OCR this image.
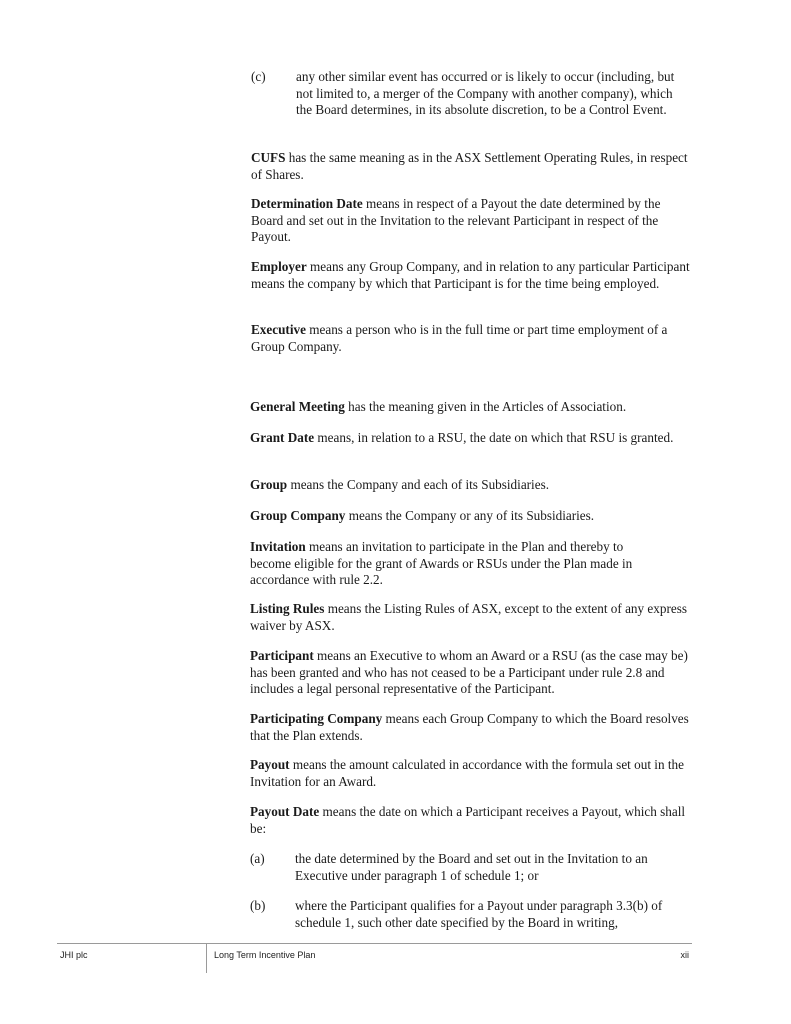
(c) any other similar event has occurred or is likely to occur (including, but not limited to, a merger of the Company with another company), which the Board determines, in its absolute discretion, to be a Control Event.

CUFS has the same meaning as in the ASX Settlement Operating Rules, in respect of Shares.

Determination Date means in respect of a Payout the date determined by the Board and set out in the Invitation to the relevant Participant in respect of the Payout.

Employer means any Group Company, and in relation to any particular Participant means the company by which that Participant is for the time being employed.

Executive means a person who is in the full time or part time employment of a Group Company.

General Meeting has the meaning given in the Articles of Association.

Grant Date means, in relation to a RSU, the date on which that RSU is granted.

Group means the Company and each of its Subsidiaries.

Group Company means the Company or any of its Subsidiaries.

Invitation means an invitation to participate in the Plan and thereby to become eligible for the grant of Awards or RSUs under the Plan made in accordance with rule 2.2.

Listing Rules means the Listing Rules of ASX, except to the extent of any express waiver by ASX.

Participant means an Executive to whom an Award or a RSU (as the case may be) has been granted and who has not ceased to be a Participant under rule 2.8 and includes a legal personal representative of the Participant.

Participating Company means each Group Company to which the Board resolves that the Plan extends.

Payout means the amount calculated in accordance with the formula set out in the Invitation for an Award.

Payout Date means the date on which a Participant receives a Payout, which shall be:

(a) the date determined by the Board and set out in the Invitation to an Executive under paragraph 1 of schedule 1; or
(b) where the Participant qualifies for a Payout under paragraph 3.3(b) of schedule 1, such other date specified by the Board in writing,
JHI plc	Long Term Incentive Plan	xii
